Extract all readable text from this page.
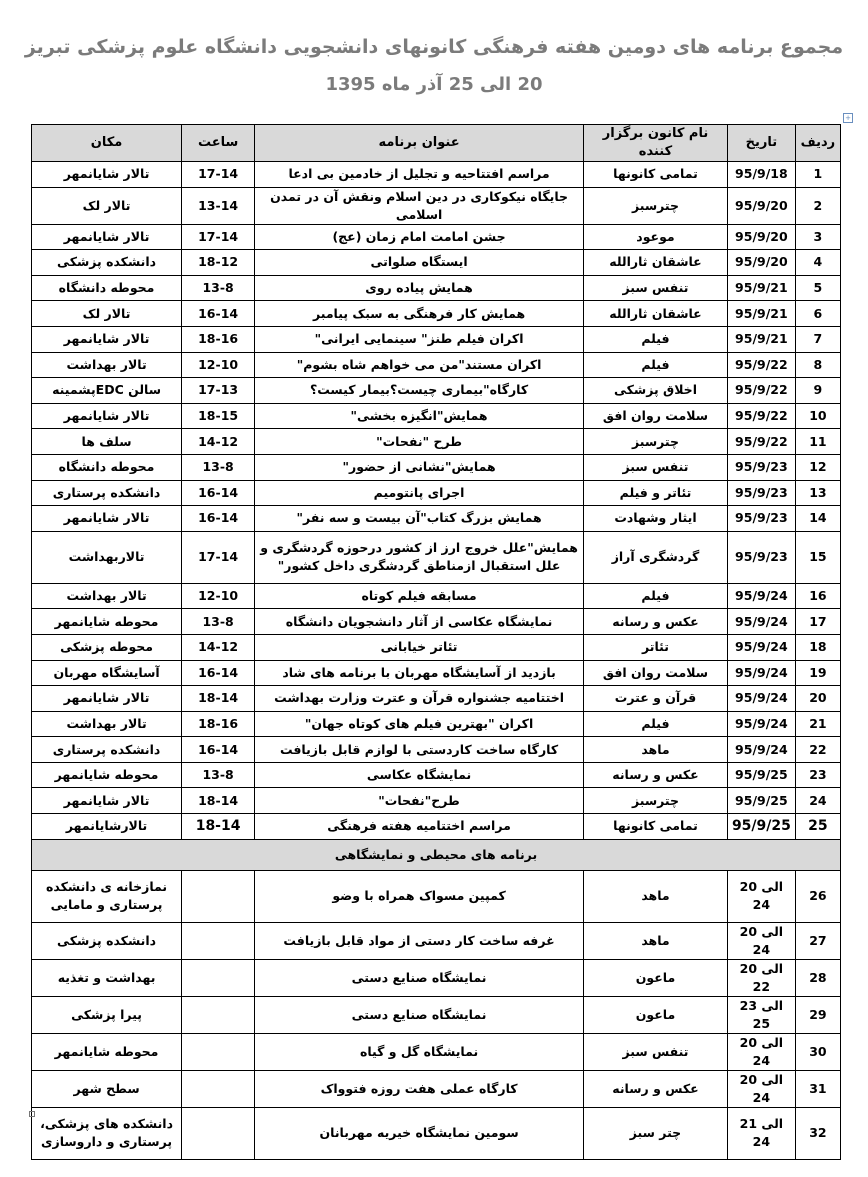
مجموع برنامه های دومین هفته فرهنگی کانونهای دانشجویی دانشگاه علوم پزشکی تبریز
20 الی 25 آذر ماه 1395
+
ردیف	تاریخ	نام کانون برگزار کننده	عنوان برنامه	ساعت	مکان
1	95/9/18	تمامی کانونها	مراسم افتتاحیه و تجلیل از خادمین بی ادعا	17-14	تالار شایانمهر
2	95/9/20	چترسبز	جایگاه نیکوکاری در دین اسلام ونقش آن در تمدن اسلامی	13-14	تالار لک
3	95/9/20	موعود	جشن امامت امام زمان (عج)	17-14	تالار شایانمهر
4	95/9/20	عاشقان ثارالله	ایستگاه صلواتی	18-12	دانشکده پزشکی
5	95/9/21	تنفس سبز	همایش پیاده روی	13-8	محوطه دانشگاه
6	95/9/21	عاشقان ثارالله	همایش کار فرهنگی به سبک پیامبر	16-14	تالار لک
7	95/9/21	فیلم	اکران فیلم طنز" سینمایی ایرانی"	18-16	تالار شایانمهر
8	95/9/22	فیلم	اکران مستند"من می خواهم شاه بشوم"	12-10	تالار بهداشت
9	95/9/22	اخلاق پزشکی	کارگاه"بیماری چیست؟بیمار کیست؟	17-13	سالن EDCپشمینه
10	95/9/22	سلامت روان افق	همایش"انگیزه بخشی"	18-15	تالار شایانمهر
11	95/9/22	چترسبز	طرح "نفحات"	14-12	سلف ها
12	95/9/23	تنفس سبز	همایش"نشانی از حضور"	13-8	محوطه دانشگاه
13	95/9/23	تئاتر و فیلم	اجرای پانتومیم	16-14	دانشکده پرستاری
14	95/9/23	ایثار وشهادت	همایش بزرگ کتاب"آن بیست و سه نفر"	16-14	تالار شایانمهر
15	95/9/23	گردشگری آراز	همایش"علل خروج ارز از کشور درحوزه گردشگری و علل استقبال ازمناطق گردشگری داخل کشور"	17-14	تالاربهداشت
16	95/9/24	فیلم	مسابقه فیلم کوتاه	12-10	تالار بهداشت
17	95/9/24	عکس و رسانه	نمایشگاه عکاسی از آثار دانشجویان دانشگاه	13-8	محوطه شایانمهر
18	95/9/24	تئاتر	تئاتر خیابانی	14-12	محوطه پزشکی
19	95/9/24	سلامت روان افق	بازدید از آسایشگاه مهربان با برنامه های شاد	16-14	آسایشگاه مهربان
20	95/9/24	قرآن و عترت	اختتامیه جشنواره قرآن و عترت وزارت بهداشت	18-14	تالار شایانمهر
21	95/9/24	فیلم	اکران "بهترین فیلم های کوتاه جهان"	18-16	تالار بهداشت
22	95/9/24	ماهد	کارگاه ساخت کاردستی با لوازم قابل بازیافت	16-14	دانشکده پرستاری
23	95/9/25	عکس و رسانه	نمایشگاه عکاسی	13-8	محوطه شایانمهر
24	95/9/25	چترسبز	طرح"نفحات"	18-14	تالار شایانمهر
25	95/9/25	تمامی کانونها	مراسم اختتامیه هفته فرهنگی	18-14	تالارشایانمهر
برنامه های محیطی و نمایشگاهی					
26	20 الی 24	ماهد	کمپین مسواک همراه با وضو		نمازخانه ی دانشکده پرستاری و مامایی
27	20 الی 24	ماهد	غرفه ساخت کار دستی از مواد قابل بازیافت		دانشکده پزشکی
28	20 الی 22	ماعون	نمایشگاه صنایع دستی		بهداشت و تغذیه
29	23 الی 25	ماعون	نمایشگاه صنایع دستی		پیرا پزشکی
30	20 الی 24	تنفس سبز	نمایشگاه گل و گیاه		محوطه شایانمهر
31	20 الی 24	عکس و رسانه	کارگاه عملی هفت روزه فتوواک		سطح شهر
32	21 الی 24	چتر سبز	سومین نمایشگاه خیریه مهربانان		دانشکده های پزشکی، پرستاری و داروسازی
